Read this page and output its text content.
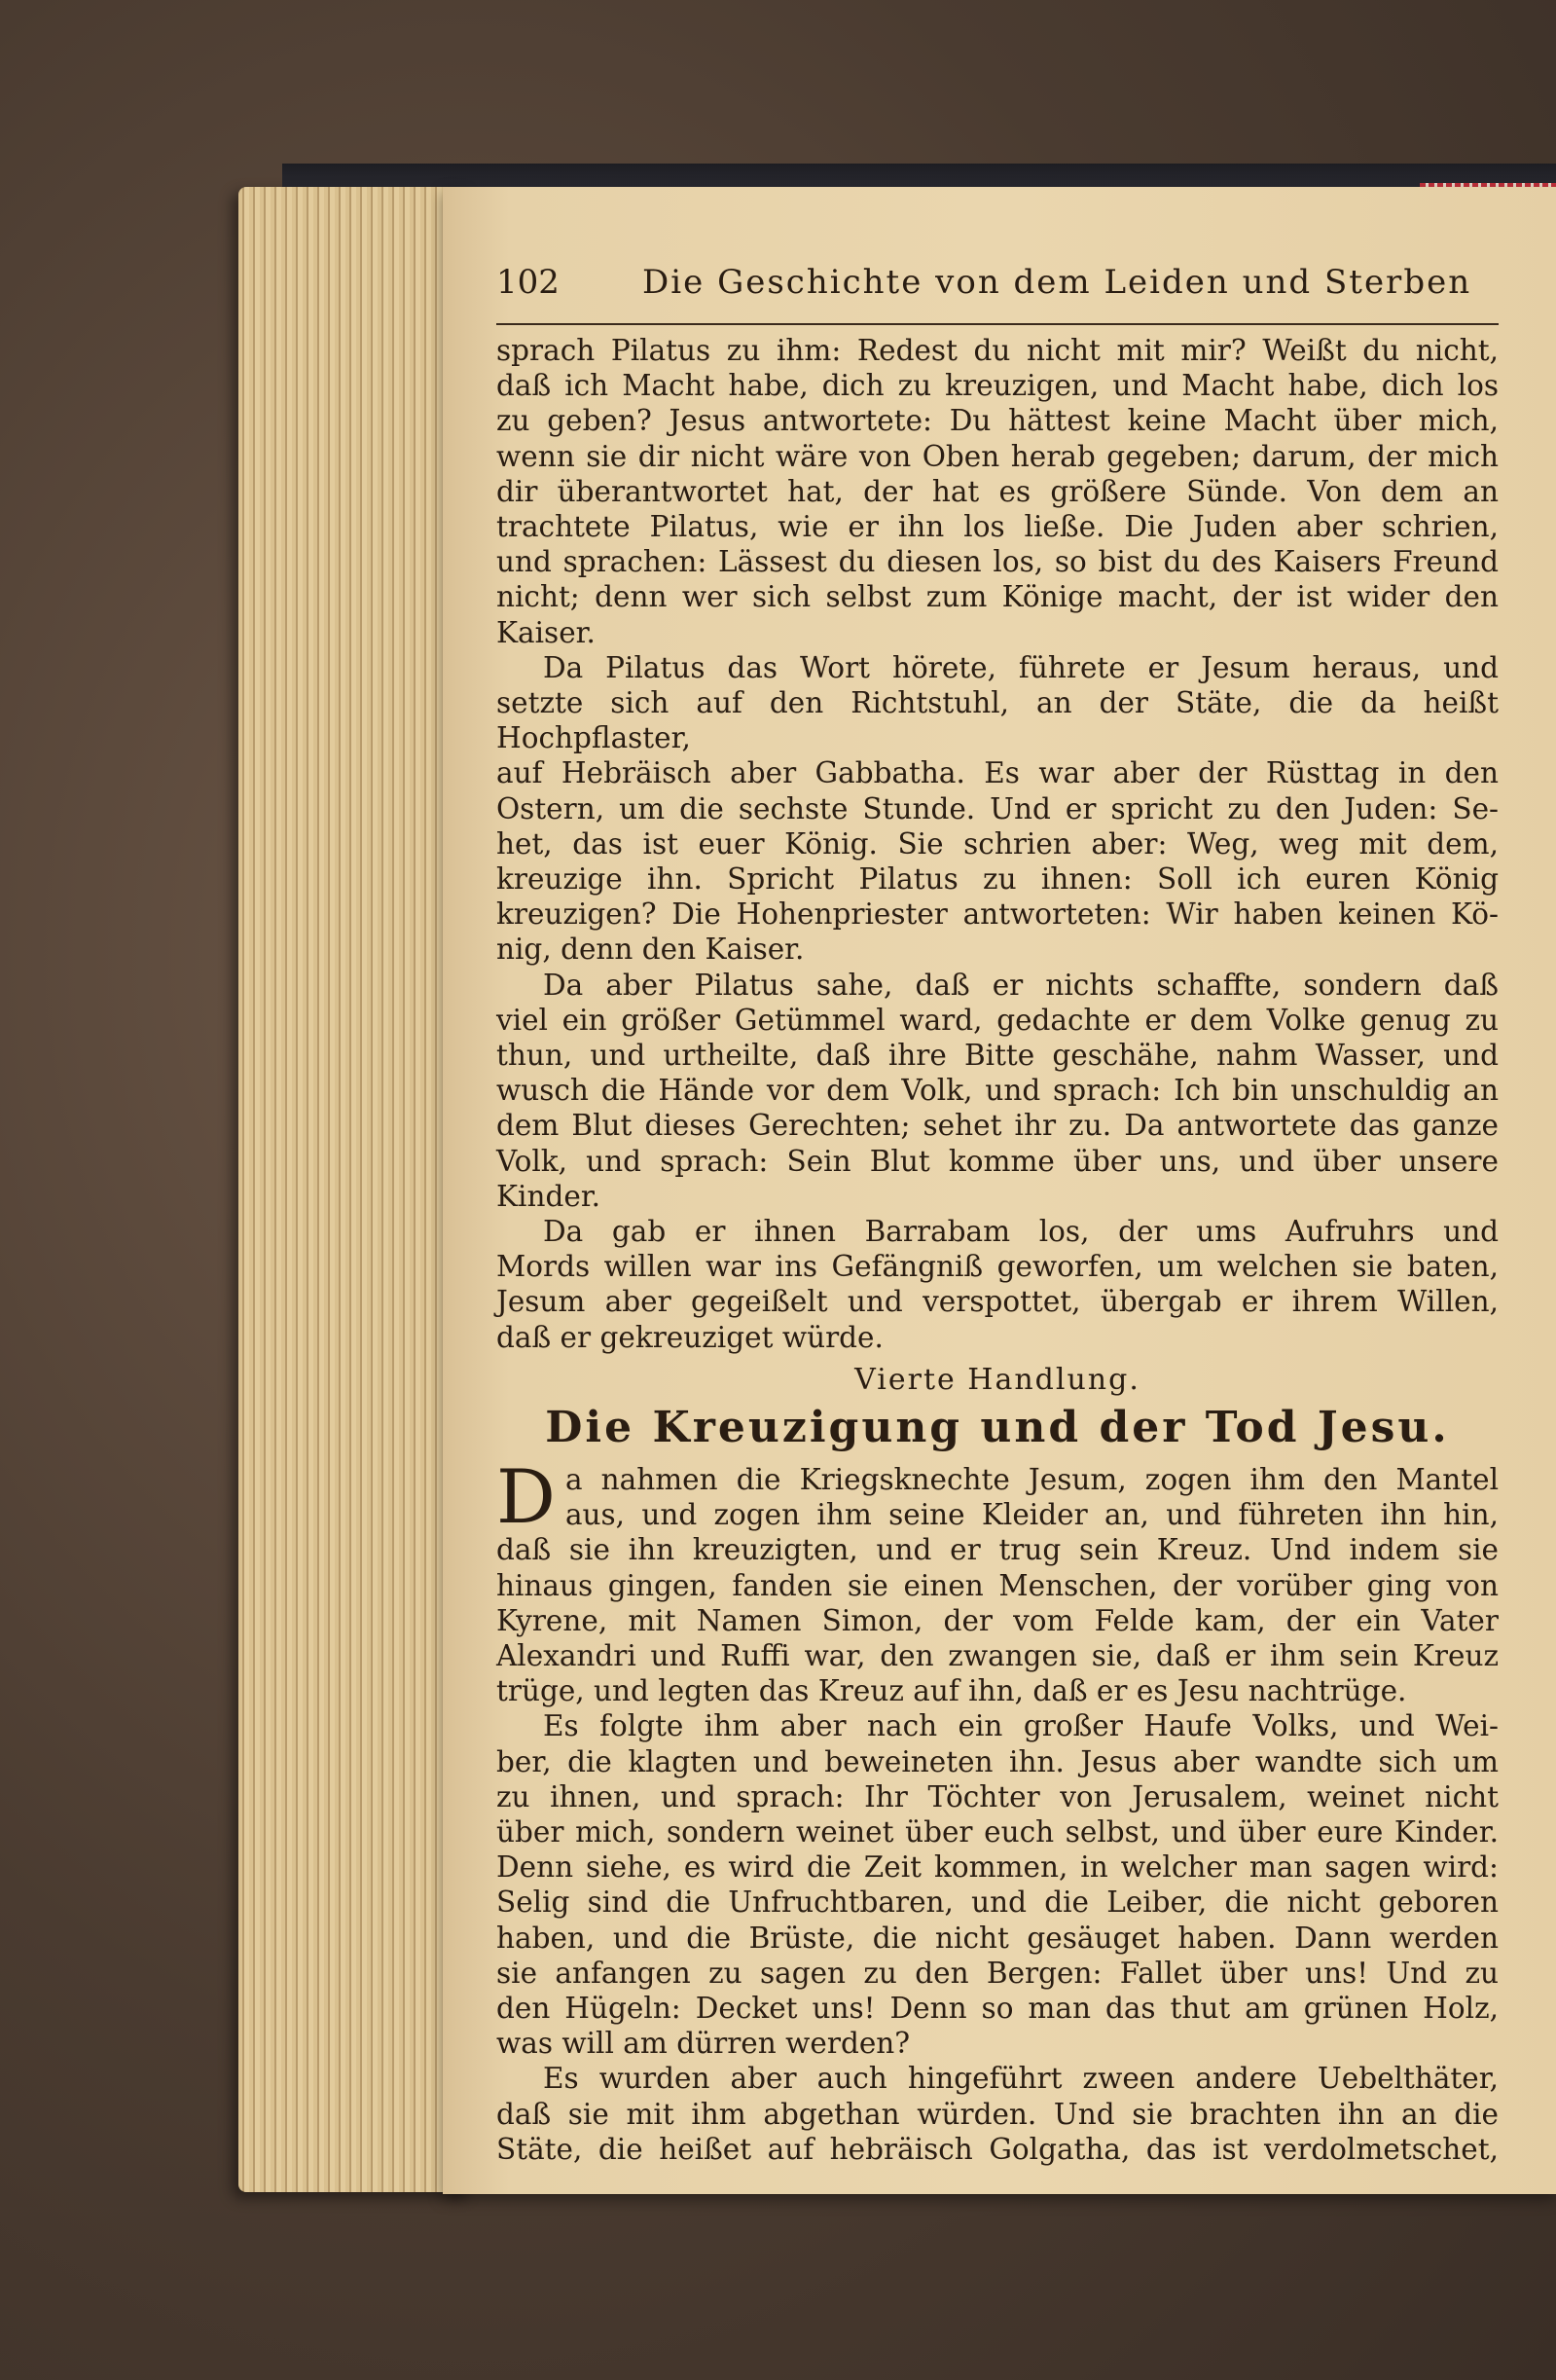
102	Die Geschichte von dem Leiden und Sterben

sprach Pilatus zu ihm: Redest du nicht mit mir? Weißt du nicht,

daß ich Macht habe, dich zu kreuzigen, und Macht habe, dich los

zu geben? Jesus antwortete: Du hättest keine Macht über mich,

wenn sie dir nicht wäre von Oben herab gegeben; darum, der mich

dir überantwortet hat, der hat es größere Sünde. Von dem an

trachtete Pilatus, wie er ihn los ließe. Die Juden aber schrien,

und sprachen: Lässest du diesen los, so bist du des Kaisers Freund

nicht; denn wer sich selbst zum Könige macht, der ist wider den Kaiser.

Da Pilatus das Wort hörete, führete er Jesum heraus, und

setzte sich auf den Richtstuhl, an der Stäte, die da heißt Hochpflaster,

auf Hebräisch aber Gabbatha. Es war aber der Rüsttag in den

Ostern, um die sechste Stunde. Und er spricht zu den Juden: Se-

het, das ist euer König. Sie schrien aber: Weg, weg mit dem,

kreuzige ihn. Spricht Pilatus zu ihnen: Soll ich euren König

kreuzigen? Die Hohenpriester antworteten: Wir haben keinen Kö-

nig, denn den Kaiser.

Da aber Pilatus sahe, daß er nichts schaffte, sondern daß

viel ein größer Getümmel ward, gedachte er dem Volke genug zu

thun, und urtheilte, daß ihre Bitte geschähe, nahm Wasser, und

wusch die Hände vor dem Volk, und sprach: Ich bin unschuldig an

dem Blut dieses Gerechten; sehet ihr zu. Da antwortete das ganze

Volk, und sprach: Sein Blut komme über uns, und über unsere Kinder.

Da gab er ihnen Barrabam los, der ums Aufruhrs und

Mords willen war ins Gefängniß geworfen, um welchen sie baten,

Jesum aber gegeißelt und verspottet, übergab er ihrem Willen,

daß er gekreuziget würde.

Vierte Handlung.
Die Kreuzigung und der Tod Jesu.
D a nahmen die Kriegsknechte Jesum, zogen ihm den Mantel

aus, und zogen ihm seine Kleider an, und führeten ihn hin,

daß sie ihn kreuzigten, und er trug sein Kreuz. Und indem sie

hinaus gingen, fanden sie einen Menschen, der vorüber ging von

Kyrene, mit Namen Simon, der vom Felde kam, der ein Vater

Alexandri und Ruffi war, den zwangen sie, daß er ihm sein Kreuz

trüge, und legten das Kreuz auf ihn, daß er es Jesu nachtrüge.

Es folgte ihm aber nach ein großer Haufe Volks, und Wei-

ber, die klagten und beweineten ihn. Jesus aber wandte sich um

zu ihnen, und sprach: Ihr Töchter von Jerusalem, weinet nicht

über mich, sondern weinet über euch selbst, und über eure Kinder.

Denn siehe, es wird die Zeit kommen, in welcher man sagen wird:

Selig sind die Unfruchtbaren, und die Leiber, die nicht geboren

haben, und die Brüste, die nicht gesäuget haben. Dann werden

sie anfangen zu sagen zu den Bergen: Fallet über uns! Und zu

den Hügeln: Decket uns! Denn so man das thut am grünen Holz,

was will am dürren werden?

Es wurden aber auch hingeführt zween andere Uebelthäter,

daß sie mit ihm abgethan würden. Und sie brachten ihn an die

Stäte, die heißet auf hebräisch Golgatha, das ist verdolmetschet,
